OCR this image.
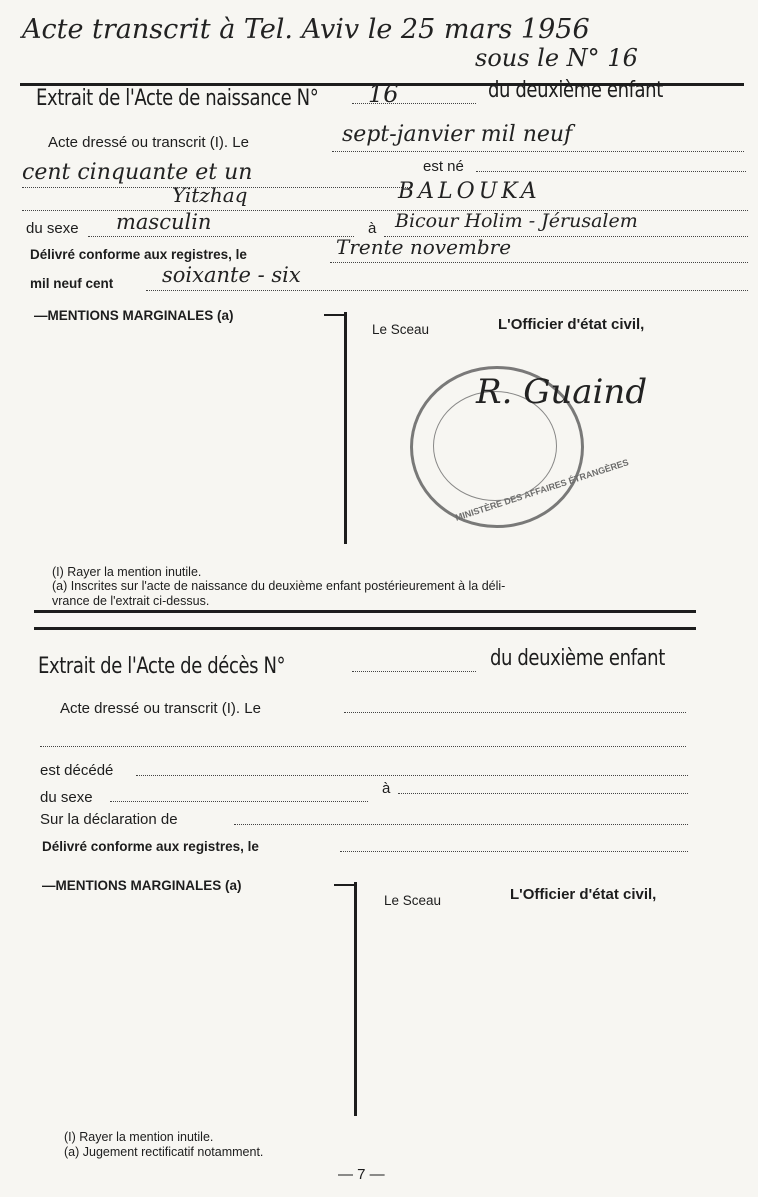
Acte transcrit à Tel. Aviv le 25 mars 1956
sous le N° 16
Extrait de l'Acte de naissance N° 16	du deuxième enfant
Acte dressé ou transcrit (I). Le	sept-janvier mil neuf
cent cinquante et un	est né
Yitzhaq	BALOUKA
du sexe masculin	à Bicour Holim - Jérusalem
Délivré conforme aux registres, le	Trente novembre
mil neuf cent soixante - six
—MENTIONS MARGINALES (a)
Le Sceau	L'Officier d'état civil,
MINISTÈRE DES AFFAIRES ÉTRANGÈRES
R. Guaind
(I) Rayer la mention inutile.
(a) Inscrites sur l'acte de naissance du deuxième enfant postérieurement à la déli-
vrance de l'extrait ci-dessus.
Extrait de l'Acte de décès N°	du deuxième enfant
Acte dressé ou transcrit (I). Le
est décédé
du sexe
à
Sur la déclaration de
Délivré conforme aux registres, le
—MENTIONS MARGINALES (a)
Le Sceau	L'Officier d'état civil,
(I) Rayer la mention inutile.
(a) Jugement rectificatif notamment.
— 7 —
